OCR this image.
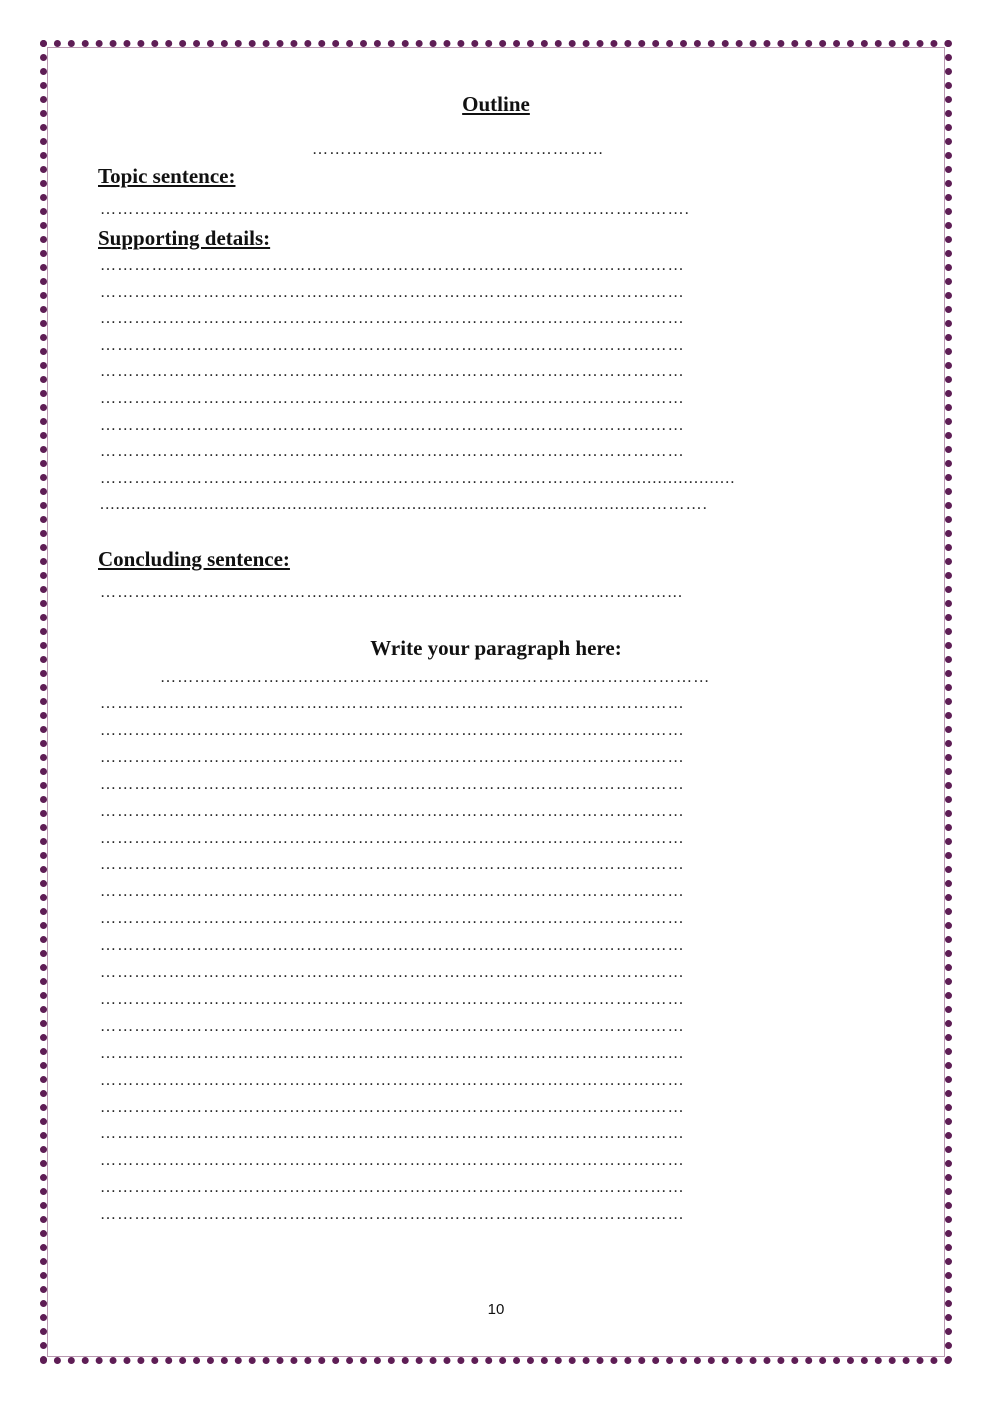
Outline
……………………………………………
Topic sentence:
………………………………………………………………………………………….
Supporting details:
…………………………………………………………………………………………
…………………………………………………………………………………………
…………………………………………………………………………………………
…………………………………………………………………………………………
…………………………………………………………………………………………
…………………………………………………………………………………………
…………………………………………………………………………………………
…………………………………………………………………………………………
……………………………………………………………………………….......................
..........................................................................................................……….
Concluding sentence:
………………………………………………………………………………………...
Write your paragraph here:
……………………………………………………………………………………
…………………………………………………………………………………………
…………………………………………………………………………………………
…………………………………………………………………………………………
…………………………………………………………………………………………
…………………………………………………………………………………………
…………………………………………………………………………………………
…………………………………………………………………………………………
…………………………………………………………………………………………
…………………………………………………………………………………………
…………………………………………………………………………………………
…………………………………………………………………………………………
…………………………………………………………………………………………
…………………………………………………………………………………………
…………………………………………………………………………………………
…………………………………………………………………………………………
…………………………………………………………………………………………
…………………………………………………………………………………………
…………………………………………………………………………………………
…………………………………………………………………………………………
…………………………………………………………………………………………
10
